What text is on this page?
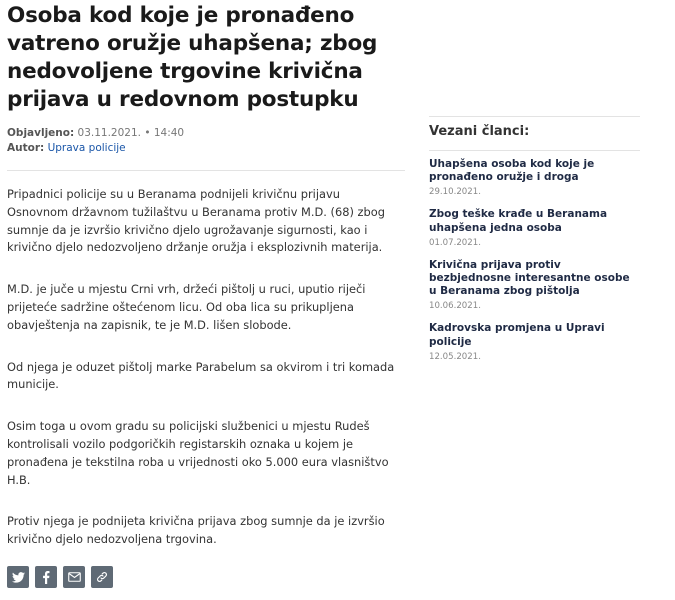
Osoba kod koje je pronađeno vatreno oružje uhapšena; zbog nedovoljene trgovine krivična prijava u redovnom postupku
Objavljeno: 03.11.2021. • 14:40
Autor: Uprava policije

Pripadnici policije su u Beranama podnijeli krivičnu prijavu Osnovnom državnom tužilaštvu u Beranama protiv M.D. (68) zbog sumnje da je izvršio krivično djelo ugrožavanje sigurnosti, kao i krivično djelo nedozvoljeno držanje oružja i eksplozivnih materija.

M.D. je juče u mjestu Crni vrh, držeći pištolj u ruci, uputio riječi prijeteće sadržine oštećenom licu. Od oba lica su prikupljena obavještenja na zapisnik, te je M.D. lišen slobode.

Od njega je oduzet pištolj marke Parabelum sa okvirom i tri komada municije.

Osim toga u ovom gradu su policijski službenici u mjestu Rudeš kontrolisali vozilo podgoričkih registarskih oznaka u kojem je pronađena je tekstilna roba u vrijednosti oko 5.000 eura vlasništvo H.B.

Protiv njega je podnijeta krivična prijava zbog sumnje da je izvršio krivično djelo nedozvoljena trgovina.

Vezani članci:
Uhapšena osoba kod koje je pronađeno oružje i droga
29.10.2021.
Zbog teške krađe u Beranama uhapšena jedna osoba
01.07.2021.
Krivična prijava protiv bezbjednosne interesantne osobe u Beranama zbog pištolja
10.06.2021.
Kadrovska promjena u Upravi policije
12.05.2021.
